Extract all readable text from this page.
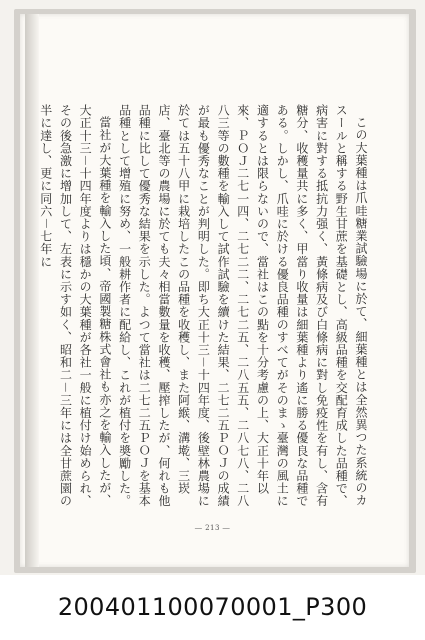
この大葉種は爪哇糖業試驗場に於て、細葉種とは全然異つた系統のカスールと稱する野生甘蔗を基礎とし、高級品種を交配育成した品種で、病害に對する抵抗力强く、黃條病及び白條病に對し免疫性を有し、含有糖分、收穫量共に多く、甲當り收量は細葉種より遙に勝る優良な品種である。しかし、爪哇に於ける優良品種のすべてがそのまゝ臺灣の風土に適するとは限らないので、當社はこの點を十分考慮の上、大正十年以來、ＰＯＪ二七一四、二七二二、二七二五、二八五五、二八七八、二八八三等の數種を輸入して試作試驗を續けた結果、二七二五ＰＯＪの成績が最も優秀なことが判明した。即ち大正十三－十四年度、後壁林農場に於ては五十八甲に栽培したこの品種を收穫し、また阿緱、溝墘、三崁店、臺北等の農場に於ても夫々相當數量を收穫、壓搾したが、何れも他品種に比して優秀な結果を示した。よつて當社は二七二五ＰＯＪを基本品種として增殖に努め、一般耕作者に配給し、これが植付を奬勵した。

當社が大葉種を輸入した頃、帝國製糖株式會社も亦之を輸入したが、大正十三－十四年度よりは穩かの大葉種が各社一般に植付け始められ、その後急激に增加して、左表に示す如く、昭和二－三年には全甘蔗園の半に達し、更に同六－七年に

― 213 ―
200401100070001_P300
